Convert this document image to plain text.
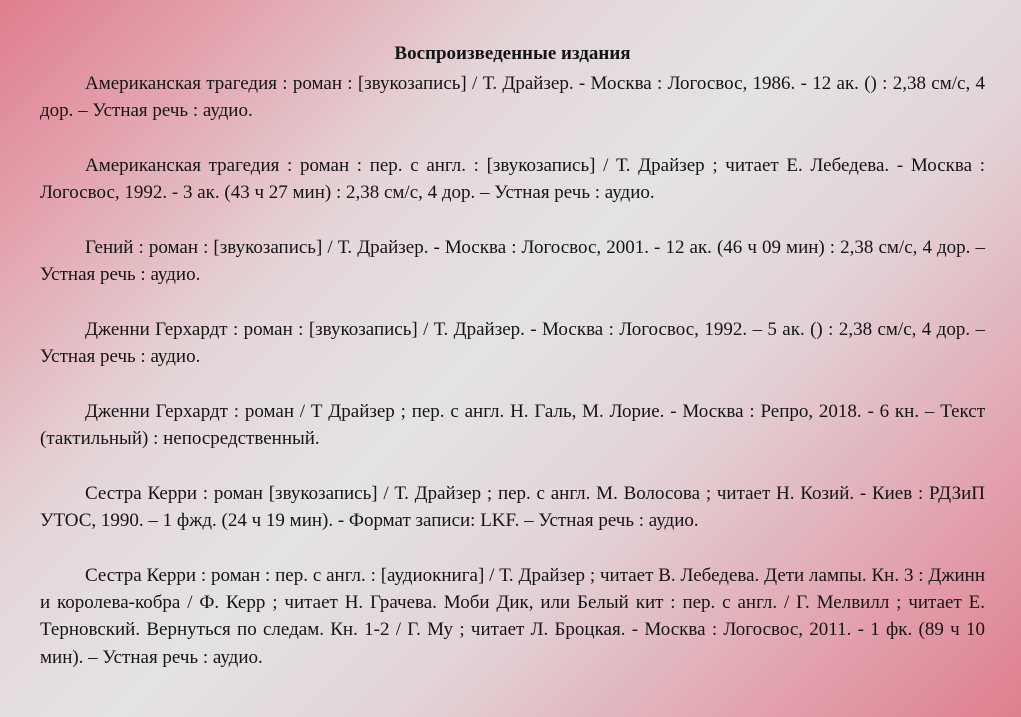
Воспроизведенные издания

Американская трагедия : роман : [звукозапись] / Т. Драйзер. - Москва : Логосвос, 1986. - 12 ак. () : 2,38 см/с, 4 дор. – Устная речь : аудио.

Американская трагедия : роман : пер. с англ. : [звукозапись] / Т. Драйзер ; читает Е. Лебедева. - Москва : Логосвос, 1992. - 3 ак. (43 ч 27 мин) : 2,38 см/с, 4 дор. – Устная речь : аудио.

Гений : роман : [звукозапись] / Т. Драйзер. - Москва : Логосвос, 2001. - 12 ак. (46 ч 09 мин) : 2,38 см/с, 4 дор. – Устная речь : аудио.

Дженни Герхардт : роман : [звукозапись] / Т. Драйзер. - Москва : Логосвос, 1992. – 5 ак. () : 2,38 см/с, 4 дор. – Устная речь : аудио.

Дженни Герхардт : роман / Т Драйзер ; пер. с англ. Н. Галь, М. Лорие. - Москва : Репро, 2018. - 6 кн. – Текст (тактильный) : непосредственный.

Сестра Керри : роман [звукозапись] / Т. Драйзер ; пер. с англ. М. Волосова ; читает Н. Козий. - Киев : РДЗиП УТОС, 1990. – 1 фжд. (24 ч 19 мин). - Формат записи: LKF. – Устная речь : аудио.

Сестра Керри : роман : пер. с англ. : [аудиокнига] / Т. Драйзер ; читает В. Лебедева. Дети лампы. Кн. 3 : Джинн и королева-кобра / Ф. Керр ; читает Н. Грачева. Моби Дик, или Белый кит : пер. с англ. / Г. Мелвилл ; читает Е. Терновский. Вернуться по следам. Кн. 1-2 / Г. Му ; читает Л. Броцкая. - Москва : Логосвос, 2011. - 1 фк. (89 ч 10 мин). – Устная речь : аудио.
